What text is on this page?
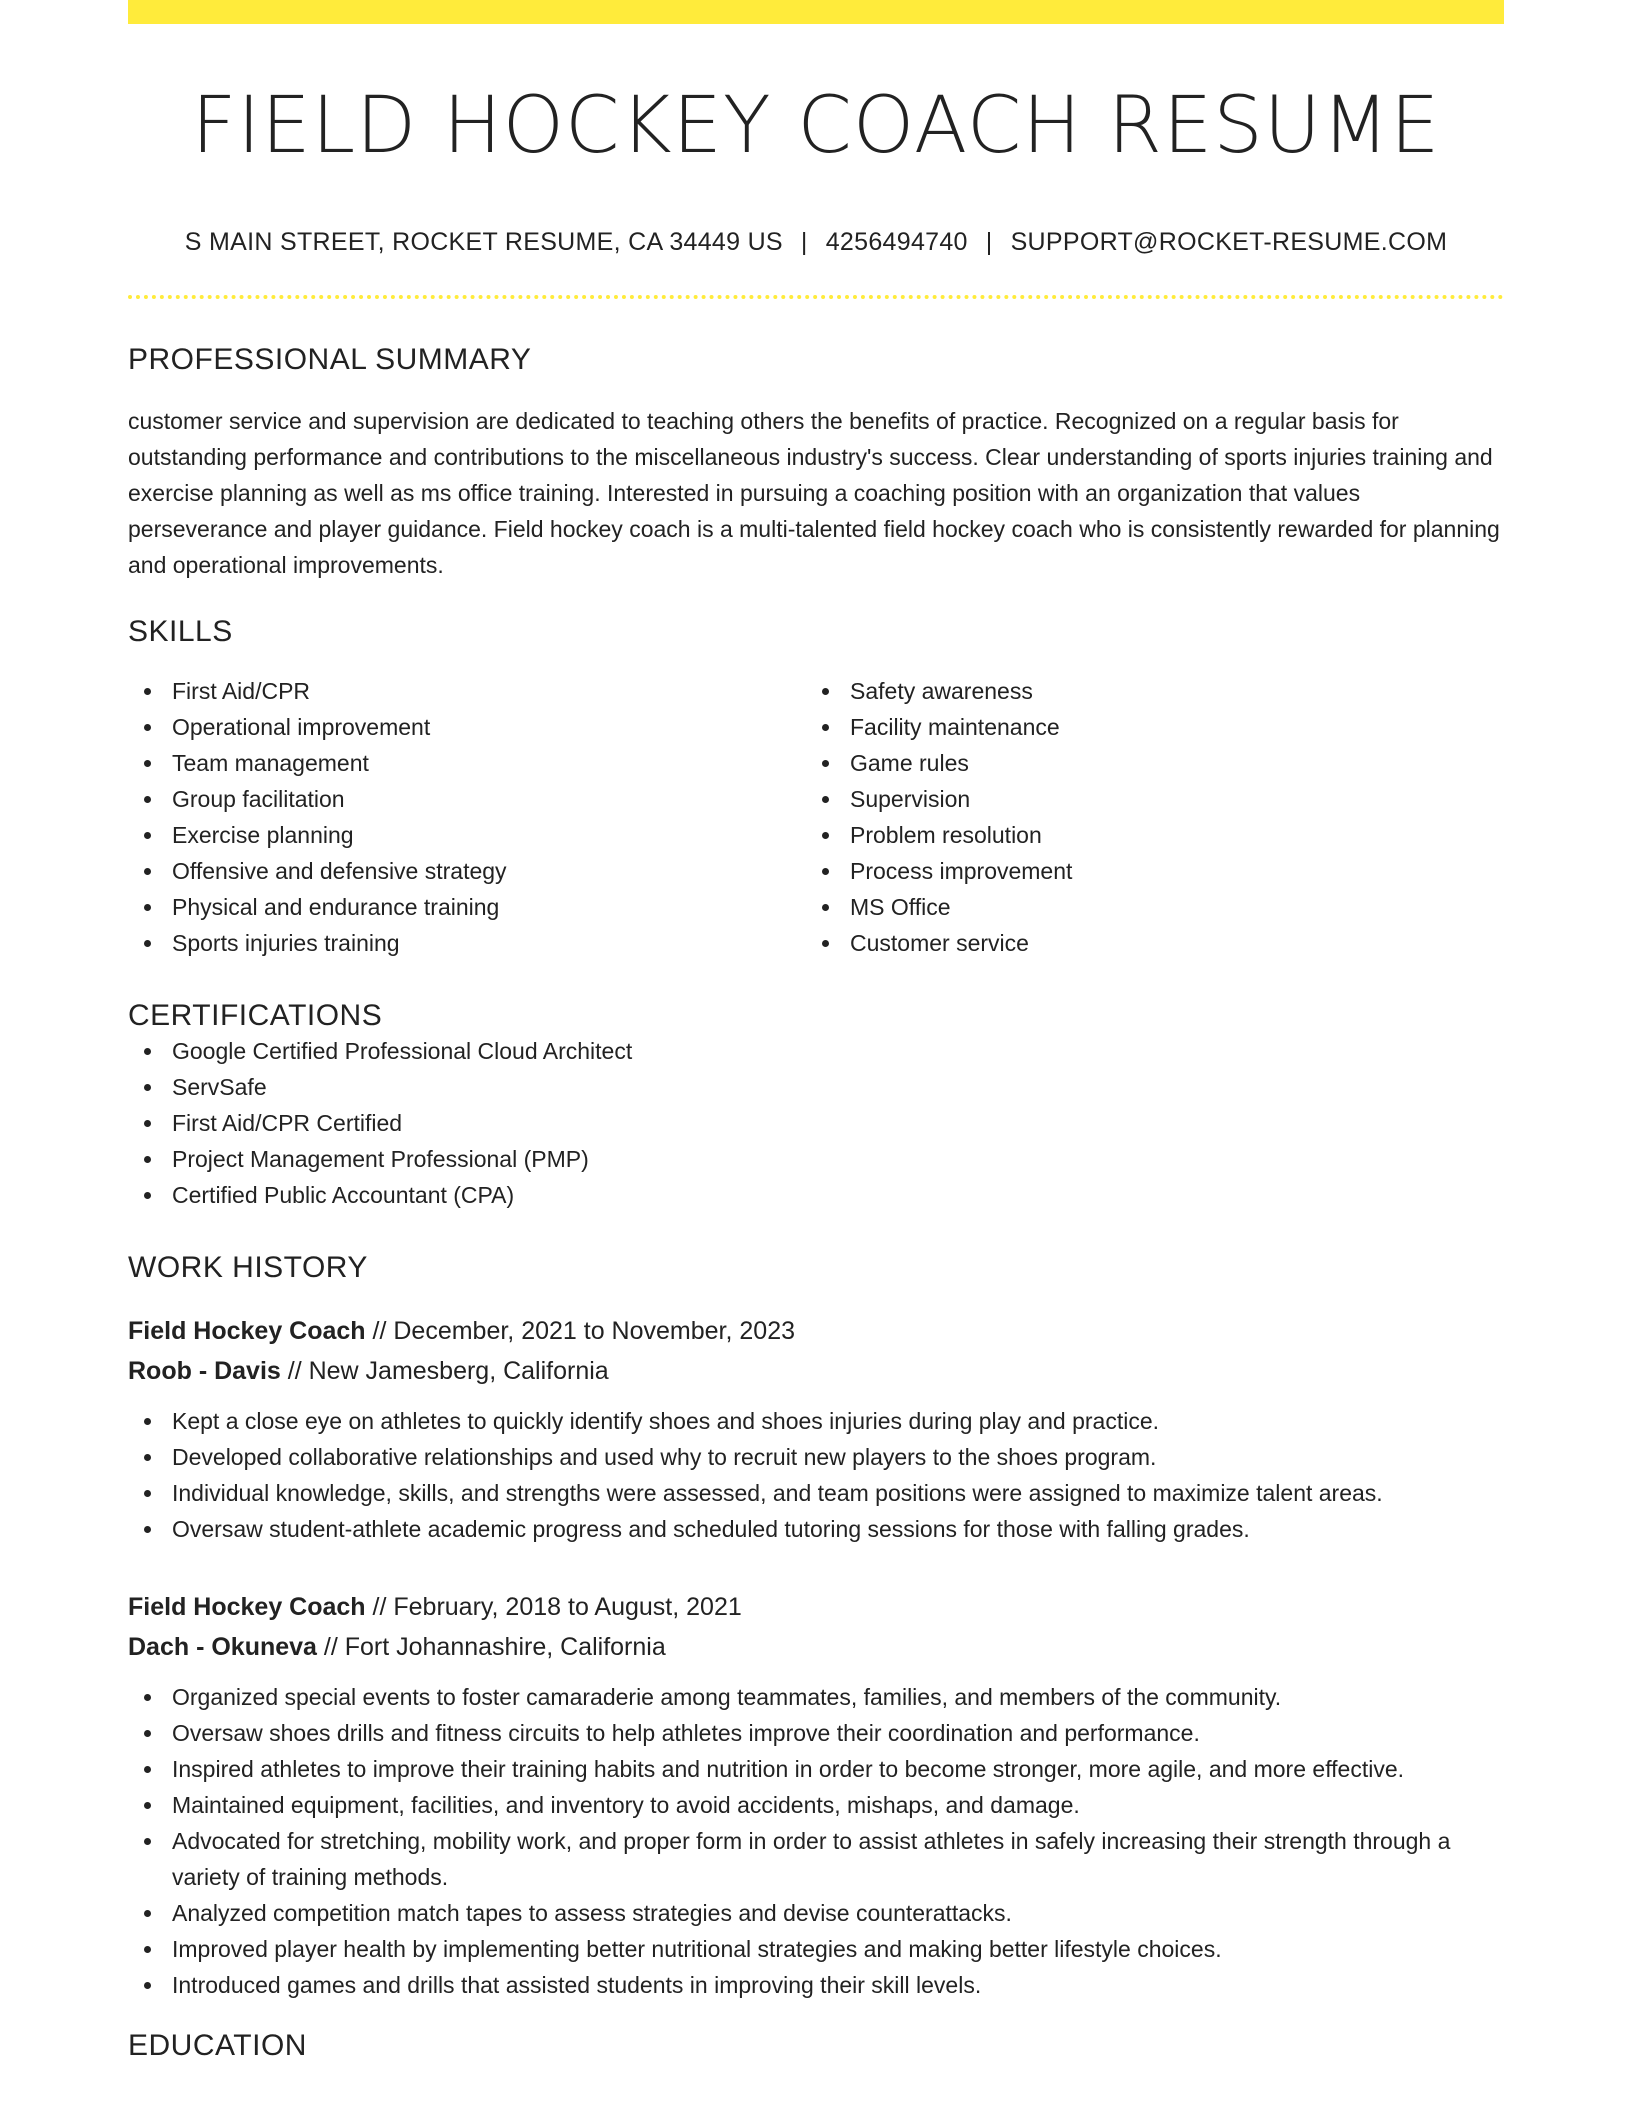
FIELD HOCKEY COACH RESUME
S MAIN STREET, ROCKET RESUME, CA 34449 US | 4256494740 | SUPPORT@ROCKET-RESUME.COM
PROFESSIONAL SUMMARY

customer service and supervision are dedicated to teaching others the benefits of practice. Recognized on a regular basis for outstanding performance and contributions to the miscellaneous industry's success. Clear understanding of sports injuries training and exercise planning as well as ms office training. Interested in pursuing a coaching position with an organization that values perseverance and player guidance. Field hockey coach is a multi-talented field hockey coach who is consistently rewarded for planning and operational improvements.

SKILLS
First Aid/CPR
Operational improvement
Team management
Group facilitation
Exercise planning
Offensive and defensive strategy
Physical and endurance training
Sports injuries training
Safety awareness
Facility maintenance
Game rules
Supervision
Problem resolution
Process improvement
MS Office
Customer service
CERTIFICATIONS
Google Certified Professional Cloud Architect
ServSafe
First Aid/CPR Certified
Project Management Professional (PMP)
Certified Public Accountant (CPA)
WORK HISTORY
Field Hockey Coach // December, 2021 to November, 2023
Roob - Davis // New Jamesberg, California
Kept a close eye on athletes to quickly identify shoes and shoes injuries during play and practice.
Developed collaborative relationships and used why to recruit new players to the shoes program.
Individual knowledge, skills, and strengths were assessed, and team positions were assigned to maximize talent areas.
Oversaw student-athlete academic progress and scheduled tutoring sessions for those with falling grades.
Field Hockey Coach // February, 2018 to August, 2021
Dach - Okuneva // Fort Johannashire, California
Organized special events to foster camaraderie among teammates, families, and members of the community.
Oversaw shoes drills and fitness circuits to help athletes improve their coordination and performance.
Inspired athletes to improve their training habits and nutrition in order to become stronger, more agile, and more effective.
Maintained equipment, facilities, and inventory to avoid accidents, mishaps, and damage.
Advocated for stretching, mobility work, and proper form in order to assist athletes in safely increasing their strength through a variety of training methods.
Analyzed competition match tapes to assess strategies and devise counterattacks.
Improved player health by implementing better nutritional strategies and making better lifestyle choices.
Introduced games and drills that assisted students in improving their skill levels.
EDUCATION
